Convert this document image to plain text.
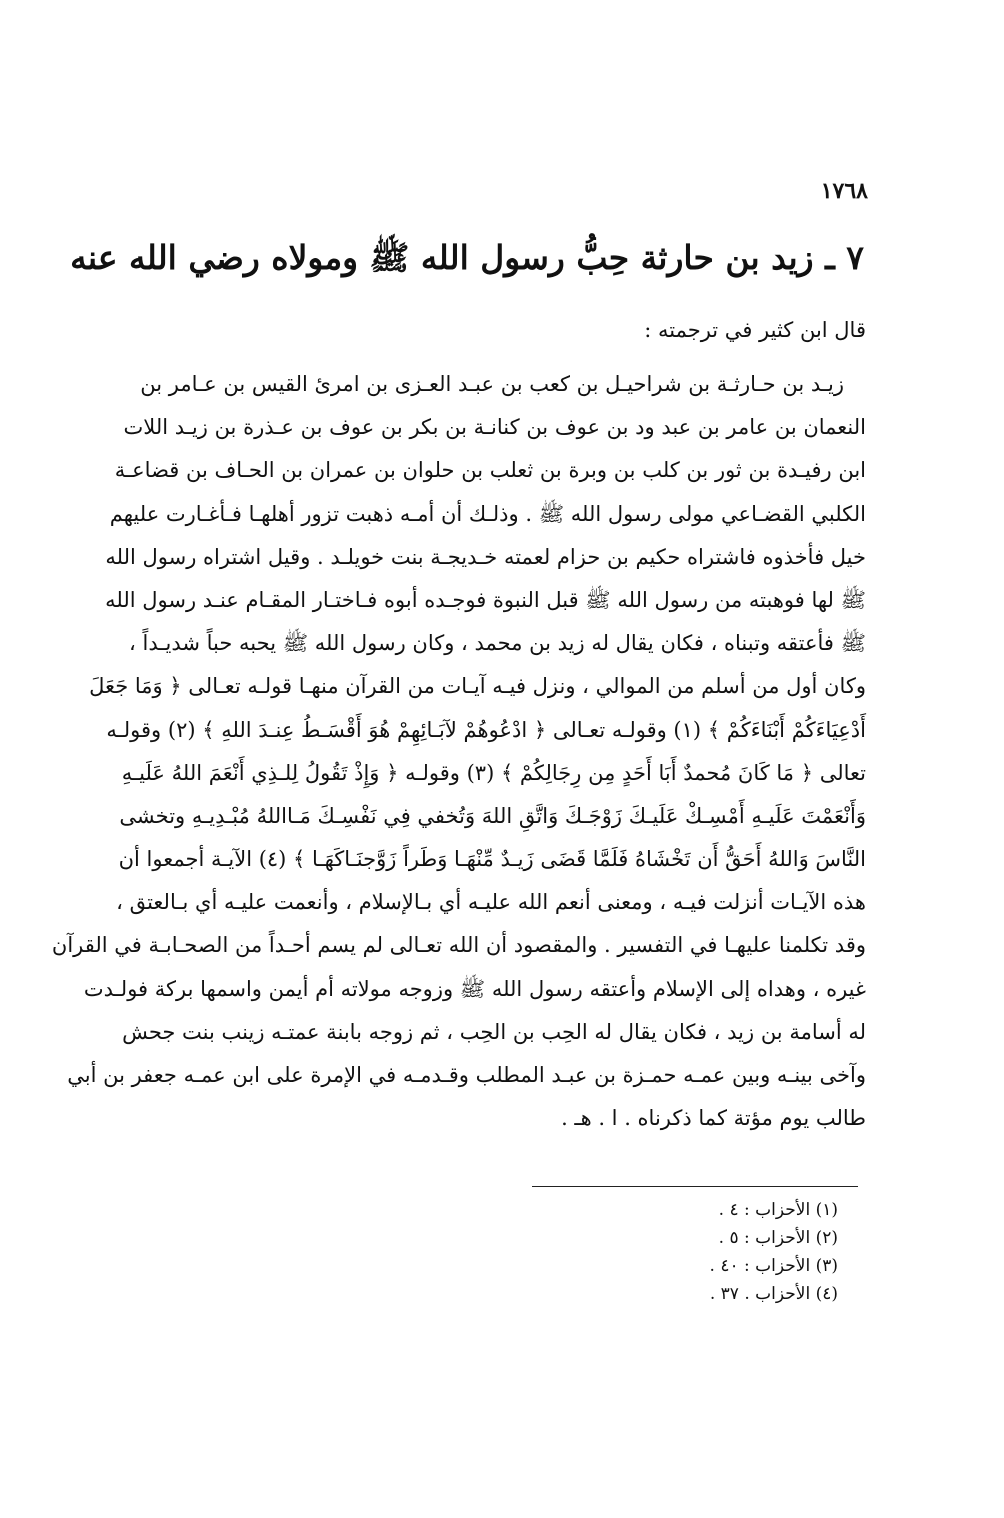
١٧٦٨
٧ ـ زيد بن حارثة حِبُّ رسول الله ﷺ ومولاه رضي الله عنه
قال ابن كثير في ترجمته :
زيـد بن حـارثـة بن شراحيـل بن كعب بن عبـد العـزى بن امرئ القيس بن عـامر بن
النعمان بن عامر بن عبد ود بن عوف بن كنانـة بن بكر بن عوف بن عـذرة بن زيـد اللات
ابن رفيـدة بن ثور بن كلب بن وبرة بن ثعلب بن حلوان بن عمران بن الحـاف بن قضاعـة
الكلبي القضـاعي مولى رسول الله ﷺ . وذلـك أن أمـه ذهبت تزور أهلهـا فـأغـارت عليهم
خيل فأخذوه فاشتراه حكيم بن حزام لعمته خـديجـة بنت خويلـد . وقيل اشتراه رسول الله
ﷺ لها فوهبته من رسول الله ﷺ قبل النبوة فوجـده أبوه فـاختـار المقـام عنـد رسول الله
ﷺ فأعتقه وتبناه ، فكان يقال له زيد بن محمد ، وكان رسول الله ﷺ يحبه حباً شديـداً ،
وكان أول من أسلم من الموالي ، ونزل فيـه آيـات من القرآن منهـا قولـه تعـالى ﴿ وَمَا جَعَلَ
أَدْعِيَاءَكُمْ أَبْنَاءَكُمْ ﴾ (١) وقولـه تعـالى ﴿ ادْعُوهُمْ لآبَـائِهِمْ هُوَ أَقْسَـطُ عِنـدَ اللهِ ﴾ (٢) وقولـه
تعالى ﴿ مَا كَانَ مُحمدٌ أَبَا أَحَدٍ مِن رِجَالِكُمْ ﴾ (٣) وقولـه ﴿ وَإِذْ تَقُولُ لِلـذِي أَنْعَمَ اللهُ عَلَيـهِ
وَأَنْعَمْتَ عَلَيـهِ أَمْسِـكْ عَلَيـكَ زَوْجَـكَ وَاتَّقِ اللهَ وَتُخفي فِي نَفْسِـكَ مَـااللهُ مُبْـدِيـهِ وتخشى
النَّاسَ وَاللهُ أَحَقُّ أَن تَخْشَاهُ فَلَمَّا قَضَى زَيـدٌ مِّنْهَـا وَطَراً زَوَّجنَـاكَهَـا ﴾ (٤) الآيـة أجمعوا أن
هذه الآيـات أنزلت فيـه ، ومعنى أنعم الله عليـه أي بـالإسلام ، وأنعمت عليـه أي بـالعتق ،
وقد تكلمنا عليهـا في التفسير . والمقصود أن الله تعـالى لم يسم أحـداً من الصحـابـة في القرآن
غيره ، وهداه إلى الإسلام وأعتقه رسول الله ﷺ وزوجه مولاته أم أيمن واسمها بركة فولـدت
له أسامة بن زيد ، فكان يقال له الحِب بن الحِب ، ثم زوجه بابنة عمتـه زينب بنت جحش
وآخى بينـه وبين عمـه حمـزة بن عبـد المطلب وقـدمـه في الإمرة على ابن عمـه جعفر بن أبي
طالب يوم مؤتة كما ذكرناه . ا . هـ .
(١) الأحزاب : ٤ .
(٢) الأحزاب : ٥ .
(٣) الأحزاب : ٤٠ .
(٤) الأحزاب . ٣٧ .
